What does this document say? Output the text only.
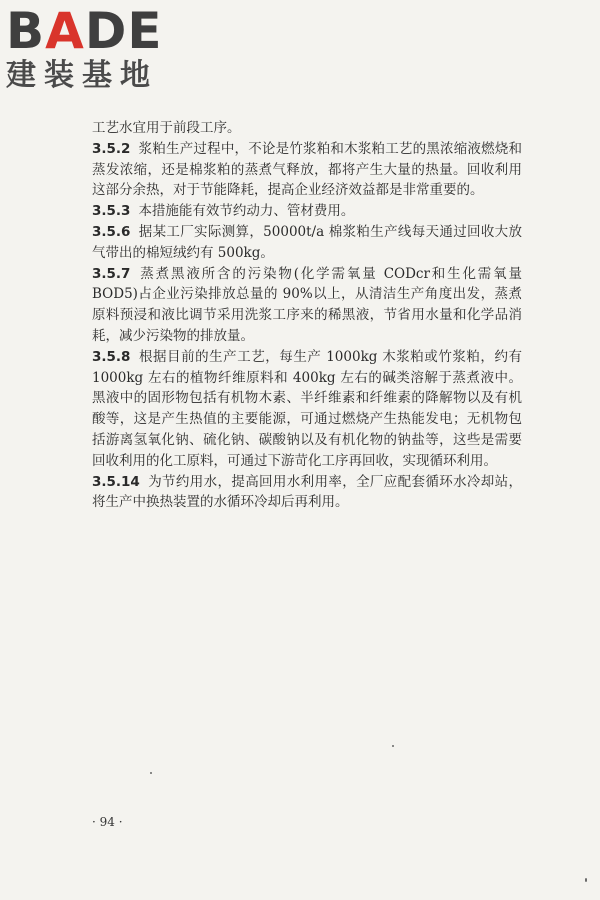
BADE
建装基地

工艺水宜用于前段工序。

3.5.2 浆粕生产过程中，不论是竹浆粕和木浆粕工艺的黑浓缩液燃烧和蒸发浓缩，还是棉浆粕的蒸煮气释放，都将产生大量的热量。回收利用这部分余热，对于节能降耗，提高企业经济效益都是非常重要的。

3.5.3 本措施能有效节约动力、管材费用。

3.5.6 据某工厂实际测算，50000t/a 棉浆粕生产线每天通过回收大放气带出的棉短绒约有 500kg。

3.5.7 蒸煮黑液所含的污染物(化学需氧量 CODcr和生化需氧量 BOD5)占企业污染排放总量的 90%以上，从清洁生产角度出发，蒸煮原料预浸和液比调节采用洗浆工序来的稀黑液，节省用水量和化学品消耗，减少污染物的排放量。

3.5.8 根据目前的生产工艺，每生产 1000kg 木浆粕或竹浆粕，约有 1000kg 左右的植物纤维原料和 400kg 左右的碱类溶解于蒸煮液中。黑液中的固形物包括有机物木素、半纤维素和纤维素的降解物以及有机酸等，这是产生热值的主要能源，可通过燃烧产生热能发电；无机物包括游离氢氧化钠、硫化钠、碳酸钠以及有机化物的钠盐等，这些是需要回收利用的化工原料，可通过下游苛化工序再回收，实现循环利用。

3.5.14 为节约用水，提高回用水利用率，全厂应配套循环水冷却站，将生产中换热装置的水循环冷却后再利用。

· 94 ·
